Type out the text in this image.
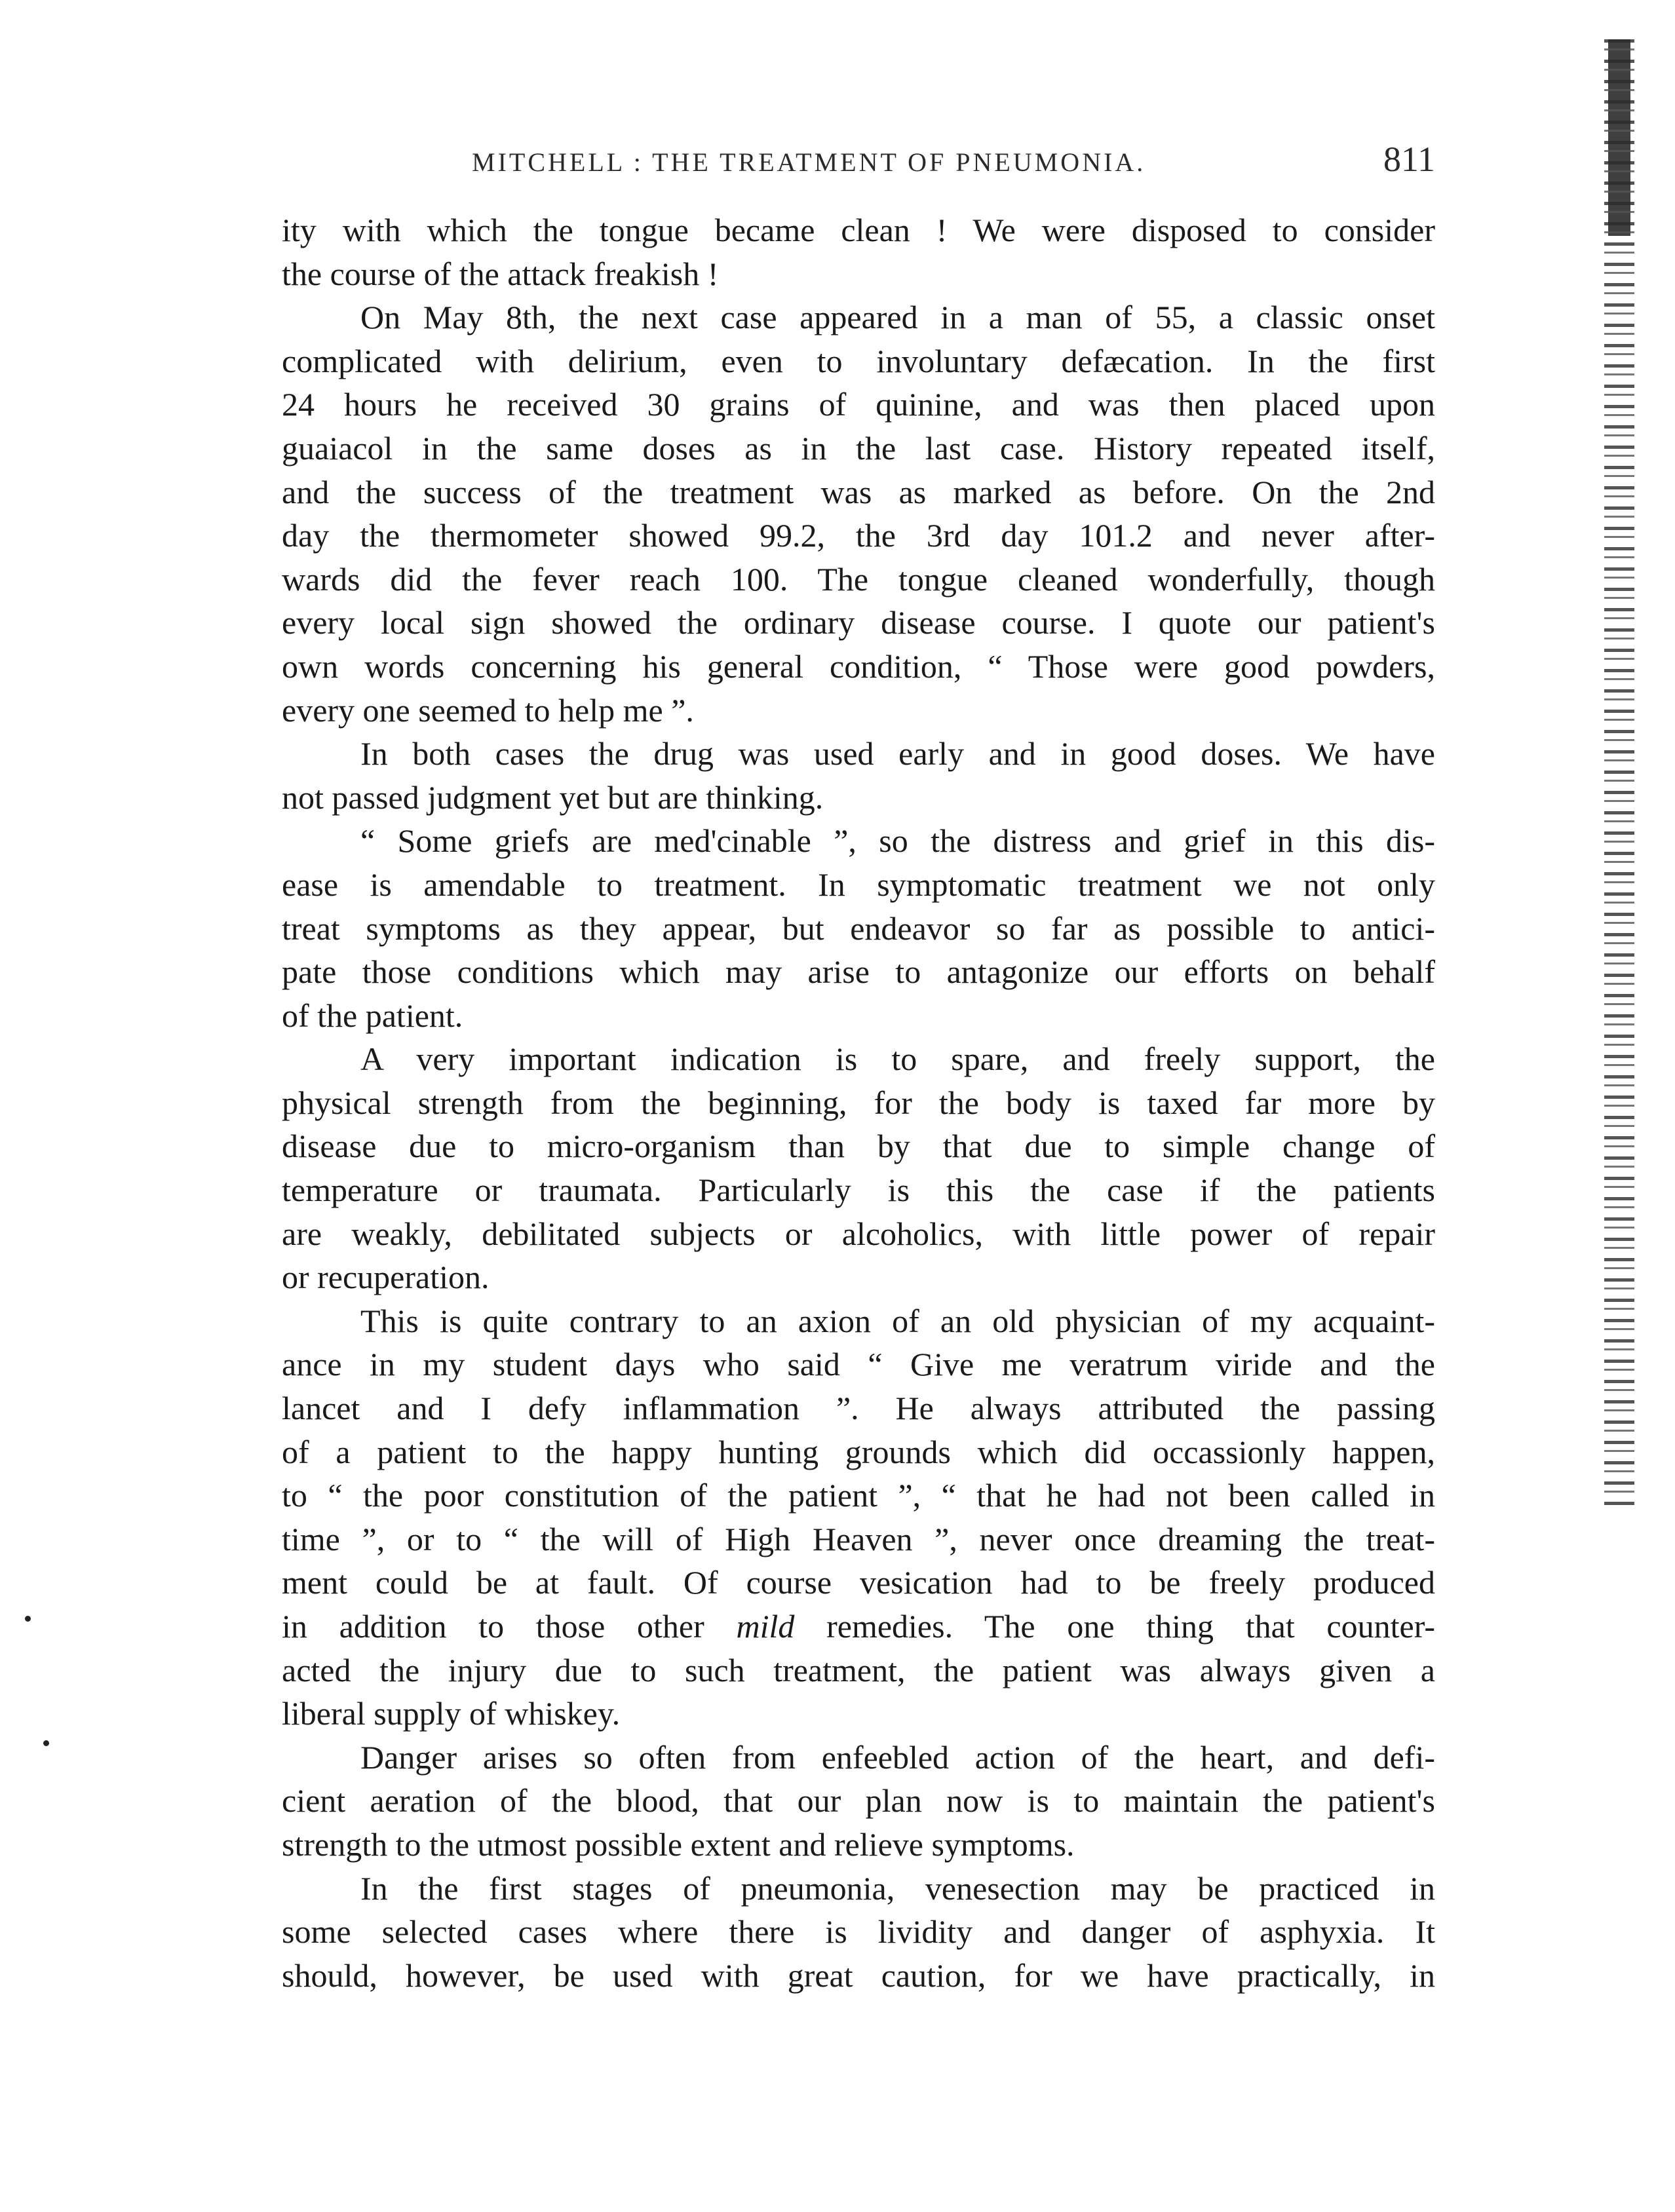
MITCHELL : THE TREATMENT OF PNEUMONIA.	811
ity with which the tongue became clean ! We were disposed to consider
the course of the attack freakish !
On May 8th, the next case appeared in a man of 55, a classic onset
complicated with delirium, even to involuntary defæcation. In the first
24 hours he received 30 grains of quinine, and was then placed upon
guaiacol in the same doses as in the last case. History repeated itself,
and the success of the treatment was as marked as before. On the 2nd
day the thermometer showed 99.2, the 3rd day 101.2 and never after-
wards did the fever reach 100. The tongue cleaned wonderfully, though
every local sign showed the ordinary disease course. I quote our patient's
own words concerning his general condition, “ Those were good powders,
every one seemed to help me ”.
In both cases the drug was used early and in good doses. We have
not passed judgment yet but are thinking.
“ Some griefs are med'cinable ”, so the distress and grief in this dis-
ease is amendable to treatment. In symptomatic treatment we not only
treat symptoms as they appear, but endeavor so far as possible to antici-
pate those conditions which may arise to antagonize our efforts on behalf
of the patient.
A very important indication is to spare, and freely support, the
physical strength from the beginning, for the body is taxed far more by
disease due to micro-organism than by that due to simple change of
temperature or traumata. Particularly is this the case if the patients
are weakly, debilitated subjects or alcoholics, with little power of repair
or recuperation.
This is quite contrary to an axion of an old physician of my acquaint-
ance in my student days who said “ Give me veratrum viride and the
lancet and I defy inflammation ”. He always attributed the passing
of a patient to the happy hunting grounds which did occassionly happen,
to “ the poor constitution of the patient ”, “ that he had not been called in
time ”, or to “ the will of High Heaven ”, never once dreaming the treat-
ment could be at fault. Of course vesication had to be freely produced
in addition to those other mild remedies. The one thing that counter-
acted the injury due to such treatment, the patient was always given a
liberal supply of whiskey.
Danger arises so often from enfeebled action of the heart, and defi-
cient aeration of the blood, that our plan now is to maintain the patient's
strength to the utmost possible extent and relieve symptoms.
In the first stages of pneumonia, venesection may be practiced in
some selected cases where there is lividity and danger of asphyxia. It
should, however, be used with great caution, for we have practically, in
